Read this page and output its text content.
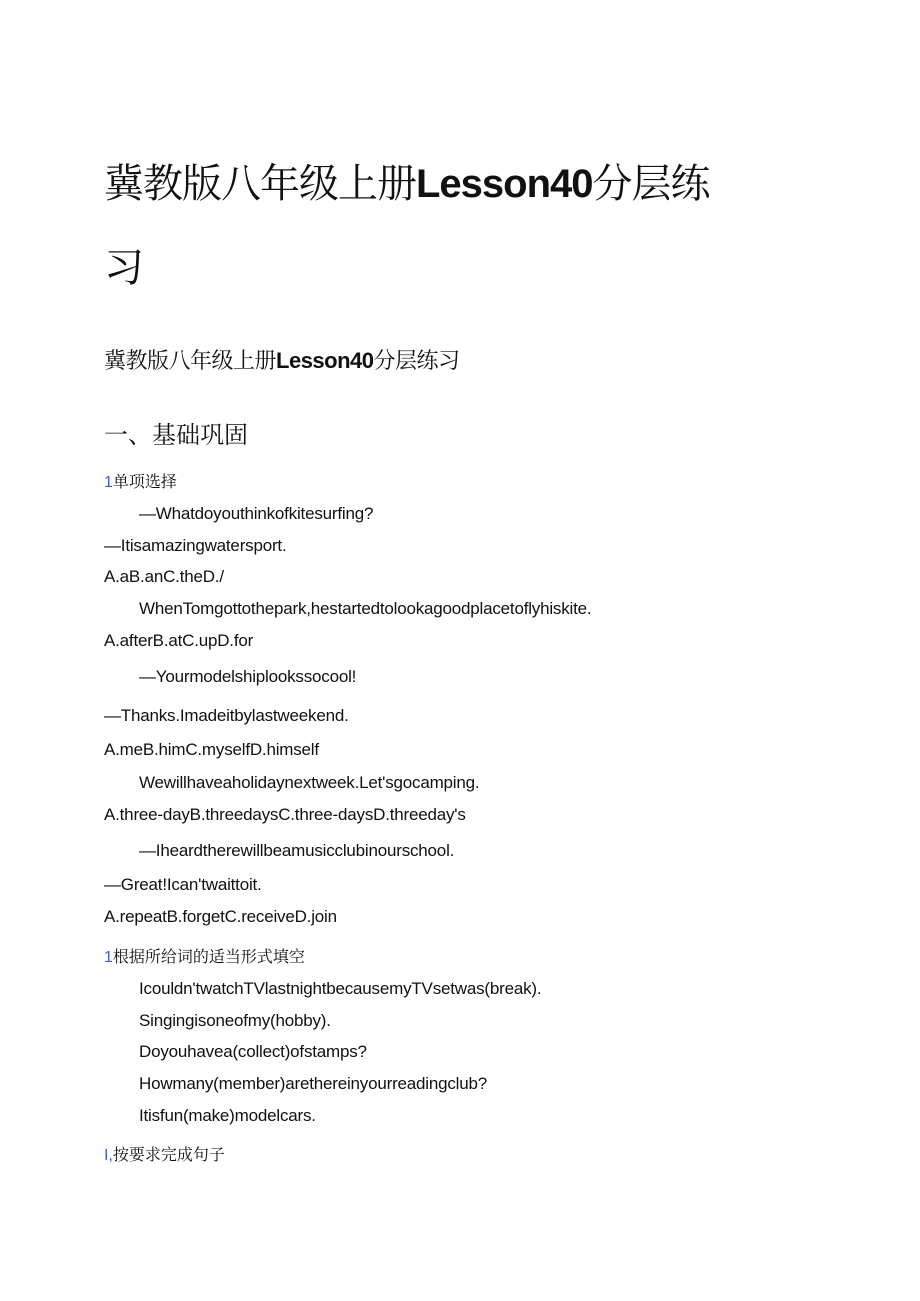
冀教版八年级上册Lesson40分层练
习
冀教版八年级上册Lesson40分层练习
一、基础巩固
1单项选择
—Whatdoyouthinkofkitesurfing?
—Itisamazingwatersport.
A.aB.anC.theD./
WhenTomgottothepark,hestartedtolookagoodplacetoflyhiskite.
A.afterB.atC.upD.for
—Yourmodelshiplookssocool!
—Thanks.Imadeitbylastweekend.
A.meB.himC.myselfD.himself
Wewillhaveaholidaynextweek.Let'sgocamping.
A.three-dayB.threedaysC.three-daysD.threeday's
—Iheardtherewillbeamusicclubinourschool.
—Great!Ican'twaittoit.
A.repeatB.forgetC.receiveD.join
1根据所给词的适当形式填空
Icouldn'twatchTVlastnightbecausemyTVsetwas(break).
Singingisoneofmy(hobby).
Doyouhavea(collect)ofstamps?
Howmany(member)arethereinyourreadingclub?
Itisfun(make)modelcars.
I,按要求完成句子
